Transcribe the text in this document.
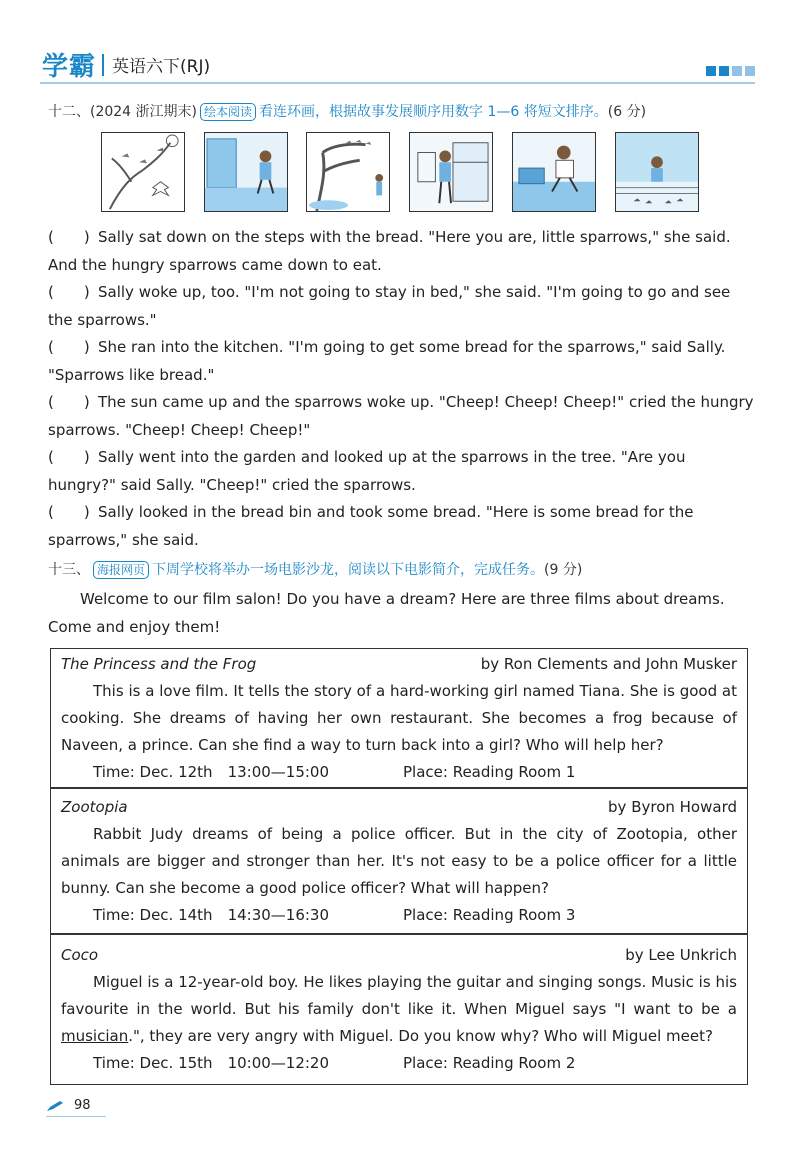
学霸 英语六下(RJ)
十二、(2024 浙江期末) 绘本阅读 看连环画，根据故事发展顺序用数字 1—6 将短文排序。(6 分)
(　　) Sally sat down on the steps with the bread. "Here you are, little sparrows," she said. And the hungry sparrows came down to eat.
(　　) Sally woke up, too. "I'm not going to stay in bed," she said. "I'm going to go and see the sparrows."
(　　) She ran into the kitchen. "I'm going to get some bread for the sparrows," said Sally. "Sparrows like bread."
(　　) The sun came up and the sparrows woke up. "Cheep! Cheep! Cheep!" cried the hungry sparrows. "Cheep! Cheep! Cheep!"
(　　) Sally went into the garden and looked up at the sparrows in the tree. "Are you hungry?" said Sally. "Cheep!" cried the sparrows.
(　　) Sally looked in the bread bin and took some bread. "Here is some bread for the sparrows," she said.
十三、 海报网页 下周学校将举办一场电影沙龙，阅读以下电影简介，完成任务。(9 分)
Welcome to our film salon! Do you have a dream? Here are three films about dreams. Come and enjoy them!
The Princess and the Frog	by Ron Clements and John Musker
This is a love film. It tells the story of a hard-working girl named Tiana. She is good at cooking. She dreams of having her own restaurant. She becomes a frog because of Naveen, a prince. Can she find a way to turn back into a girl? Who will help her?
Time: Dec. 12th　13:00—15:00	Place: Reading Room 1
Zootopia	by Byron Howard
Rabbit Judy dreams of being a police officer. But in the city of Zootopia, other animals are bigger and stronger than her. It's not easy to be a police officer for a little bunny. Can she become a good police officer? What will happen?
Time: Dec. 14th　14:30—16:30	Place: Reading Room 3
Coco	by Lee Unkrich
Miguel is a 12-year-old boy. He likes playing the guitar and singing songs. Music is his favourite in the world. But his family don't like it. When Miguel says "I want to be a musician.", they are very angry with Miguel. Do you know why? Who will Miguel meet?
Time: Dec. 15th　10:00—12:20	Place: Reading Room 2
98
